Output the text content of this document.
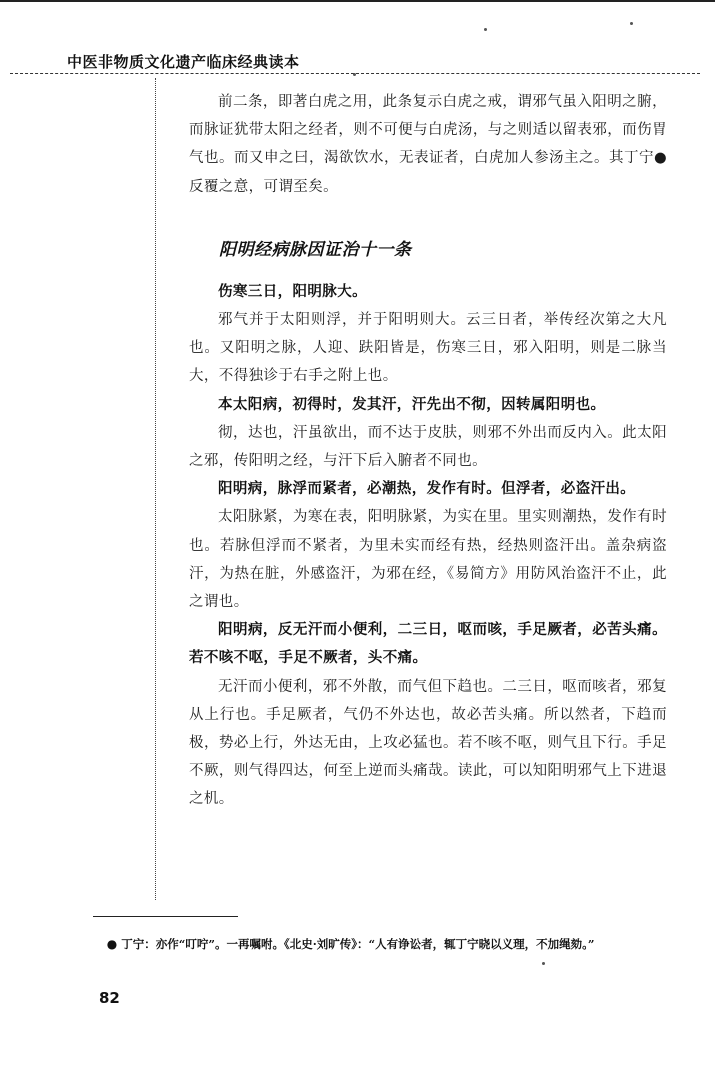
中医非物质文化遗产临床经典读本

前二条，即著白虎之用，此条复示白虎之戒，谓邪气虽入阳明之腑，而脉证犹带太阳之经者，则不可便与白虎汤，与之则适以留表邪，而伤胃气也。而又申之曰，渴欲饮水，无表证者，白虎加人参汤主之。其丁宁●反覆之意，可谓至矣。

阳明经病脉因证治十一条

伤寒三日，阳明脉大。

邪气并于太阳则浮，并于阳明则大。云三日者，举传经次第之大凡也。又阳明之脉，人迎、趺阳皆是，伤寒三日，邪入阳明，则是二脉当大，不得独诊于右手之附上也。

本太阳病，初得时，发其汗，汗先出不彻，因转属阳明也。

彻，达也，汗虽欲出，而不达于皮肤，则邪不外出而反内入。此太阳之邪，传阳明之经，与汗下后入腑者不同也。

阳明病，脉浮而紧者，必潮热，发作有时。但浮者，必盗汗出。

太阳脉紧，为寒在表，阳明脉紧，为实在里。里实则潮热，发作有时也。若脉但浮而不紧者，为里未实而经有热，经热则盗汗出。盖杂病盗汗，为热在脏，外感盗汗，为邪在经，《易简方》用防风治盗汗不止，此之谓也。

阳明病，反无汗而小便利，二三日，呕而咳，手足厥者，必苦头痛。若不咳不呕，手足不厥者，头不痛。

无汗而小便利，邪不外散，而气但下趋也。二三日，呕而咳者，邪复从上行也。手足厥者，气仍不外达也，故必苦头痛。所以然者，下趋而极，势必上行，外达无由，上攻必猛也。若不咳不呕，则气且下行。手足不厥，则气得四达，何至上逆而头痛哉。读此，可以知阳明邪气上下进退之机。

● 丁宁：亦作“叮咛”。一再嘱咐。《北史·刘旷传》：“人有诤讼者，辄丁宁晓以义理，不加绳劾。”
82
